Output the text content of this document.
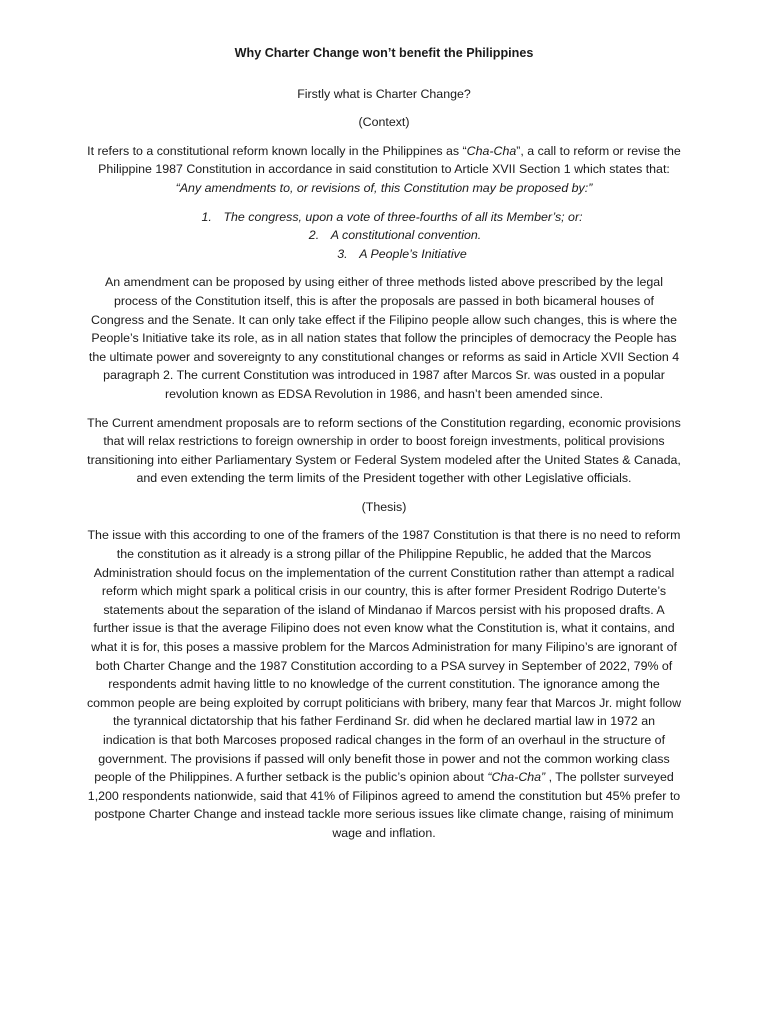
Why Charter Change won’t benefit the Philippines
Firstly what is Charter Change?
(Context)

It refers to a constitutional reform known locally in the Philippines as “Cha-Cha”, a call to reform or revise the Philippine 1987 Constitution in accordance in said constitution to Article XVII Section 1 which states that: “Any amendments to, or revisions of, this Constitution may be proposed by:”

1. The congress, upon a vote of three-fourths of all its Member’s; or:
2. A constitutional convention.
3. A People’s Initiative

An amendment can be proposed by using either of three methods listed above prescribed by the legal process of the Constitution itself, this is after the proposals are passed in both bicameral houses of Congress and the Senate. It can only take effect if the Filipino people allow such changes, this is where the People’s Initiative take its role, as in all nation states that follow the principles of democracy the People has the ultimate power and sovereignty to any constitutional changes or reforms as said in Article XVII Section 4 paragraph 2. The current Constitution was introduced in 1987 after Marcos Sr. was ousted in a popular revolution known as EDSA Revolution in 1986, and hasn’t been amended since.

The Current amendment proposals are to reform sections of the Constitution regarding, economic provisions that will relax restrictions to foreign ownership in order to boost foreign investments, political provisions transitioning into either Parliamentary System or Federal System modeled after the United States & Canada, and even extending the term limits of the President together with other Legislative officials.

(Thesis)

The issue with this according to one of the framers of the 1987 Constitution is that there is no need to reform the constitution as it already is a strong pillar of the Philippine Republic, he added that the Marcos Administration should focus on the implementation of the current Constitution rather than attempt a radical reform which might spark a political crisis in our country, this is after former President Rodrigo Duterte’s statements about the separation of the island of Mindanao if Marcos persist with his proposed drafts. A further issue is that the average Filipino does not even know what the Constitution is, what it contains, and what it is for, this poses a massive problem for the Marcos Administration for many Filipino’s are ignorant of both Charter Change and the 1987 Constitution according to a PSA survey in September of 2022, 79% of respondents admit having little to no knowledge of the current constitution. The ignorance among the common people are being exploited by corrupt politicians with bribery, many fear that Marcos Jr. might follow the tyrannical dictatorship that his father Ferdinand Sr. did when he declared martial law in 1972 an indication is that both Marcoses proposed radical changes in the form of an overhaul in the structure of government. The provisions if passed will only benefit those in power and not the common working class people of the Philippines. A further setback is the public’s opinion about “Cha-Cha” , The pollster surveyed 1,200 respondents nationwide, said that 41% of Filipinos agreed to amend the constitution but 45% prefer to postpone Charter Change and instead tackle more serious issues like climate change, raising of minimum wage and inflation.
